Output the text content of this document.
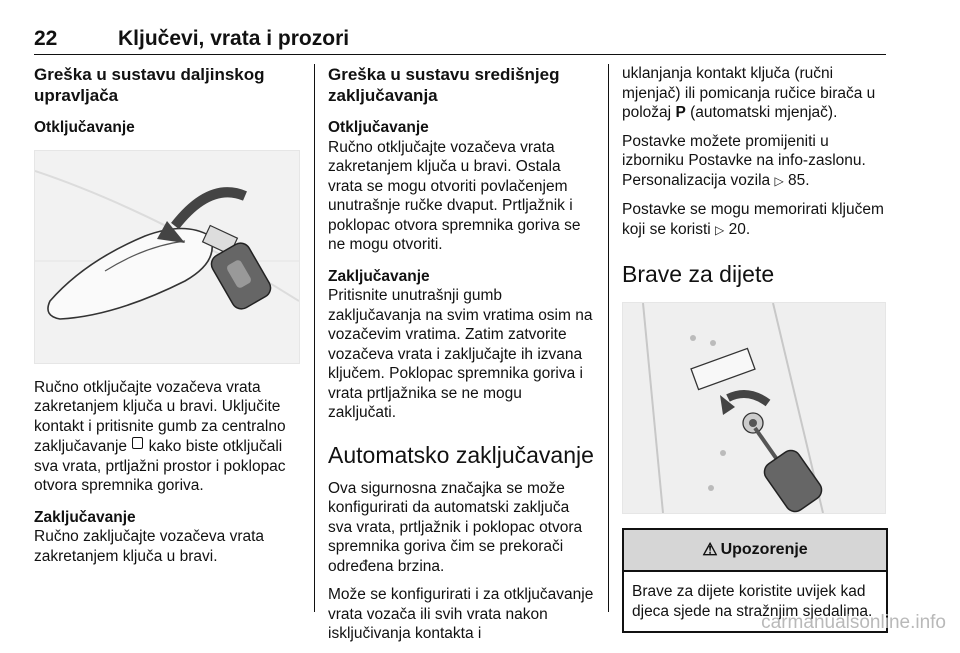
22	Ključevi, vrata i prozori
Greška u sustavu daljinskog upravljača
Otključavanje

Ručno otključajte vozačeva vrata zakretanjem ključa u bravi. Uključite kontakt i pritisnite gumb za centralno zaključavanje   kako biste otključali sva vrata, prtljažni prostor i poklopac otvora spremnika goriva.

Zaključavanje

Ručno zaključajte vozačeva vrata zakretanjem ključa u bravi.

Greška u sustavu središnjeg zaključavanja
Otključavanje

Ručno otključajte vozačeva vrata zakretanjem ključa u bravi. Ostala vrata se mogu otvoriti povlačenjem unutrašnje ručke dvaput. Prtljažnik i poklopac otvora spremnika goriva se ne mogu otvoriti.

Zaključavanje

Pritisnite unutrašnji gumb zaključavanja na svim vratima osim na vozačevim vratima. Zatim zatvorite vozačeva vrata i zaključajte ih izvana ključem. Poklopac spremnika goriva i vrata prtljažnika se ne mogu zaključati.

Automatsko zaključavanje

Ova sigurnosna značajka se može konfigurirati da automatski zaključa sva vrata, prtljažnik i poklopac otvora spremnika goriva čim se prekorači određena brzina.

Može se konfigurirati i za otključavanje vrata vozača ili svih vrata nakon isključivanja kontakta i

uklanjanja kontakt ključa (ručni mjenjač) ili pomicanja ručice birača u položaj P (automatski mjenjač).

Postavke možete promijeniti u izborniku Postavke na info-zaslonu. Personalizacija vozila ▷ 85.

Postavke se mogu memorirati ključem koji se koristi ▷ 20.

Brave za dijete
⚠ Upozorenje
Brave za dijete koristite uvijek kad djeca sjede na stražnjim sjedalima.
carmanualsonline.info
